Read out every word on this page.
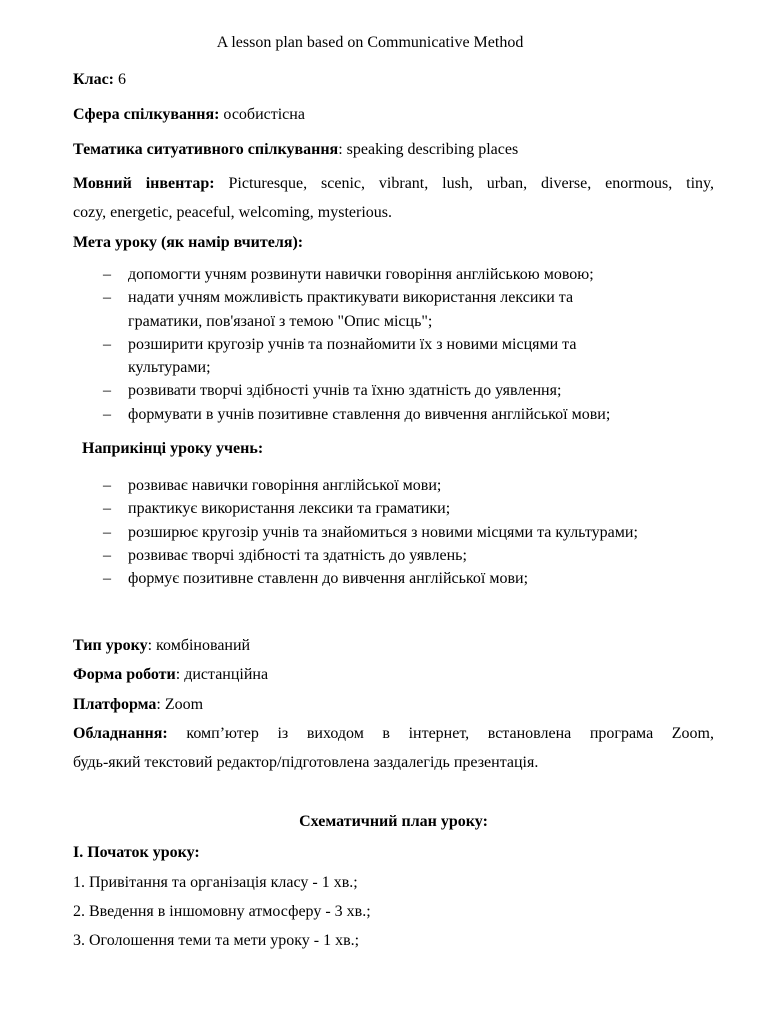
A lesson plan based on Communicative Method
Клас: 6
Сфера спілкування: особистісна
Тематика ситуативного спілкування: speaking describing places
Мовний інвентар: Picturesque, scenic, vibrant, lush, urban, diverse, enormous, tiny,
cozy, energetic, peaceful, welcoming, mysterious.
Мета уроку (як намір вчителя):
– допомогти учням розвинути навички говоріння англійською мовою;
– надати учням можливість практикувати використання лексики та
граматики, пов'язаної з темою "Опис місць";
– розширити кругозір учнів та познайомити їх з новими місцями та
культурами;
– розвивати творчі здібності учнів та їхню здатність до уявлення;
– формувати в учнів позитивне ставлення до вивчення англійської мови;
Наприкінці уроку учень:
– розвиває навички говоріння англійської мови;
– практикує використання лексики та граматики;
– розширює кругозір учнів та знайомиться з новими місцями та культурами;
– розвиває творчі здібності та здатність до уявлень;
– формує позитивне ставленн до вивчення англійської мови;
Тип уроку: комбінований
Форма роботи: дистанційна
Платформа: Zoom
Обладнання: комп’ютер із виходом в інтернет, встановлена програма Zoom,
будь-який текстовий редактор/підготовлена заздалегідь презентація.
Схематичний план уроку:
І. Початок уроку:
1. Привітання та організація класу - 1 хв.;
2. Введення в іншомовну атмосферу - 3 хв.;
3. Оголошення теми та мети уроку - 1 хв.;
